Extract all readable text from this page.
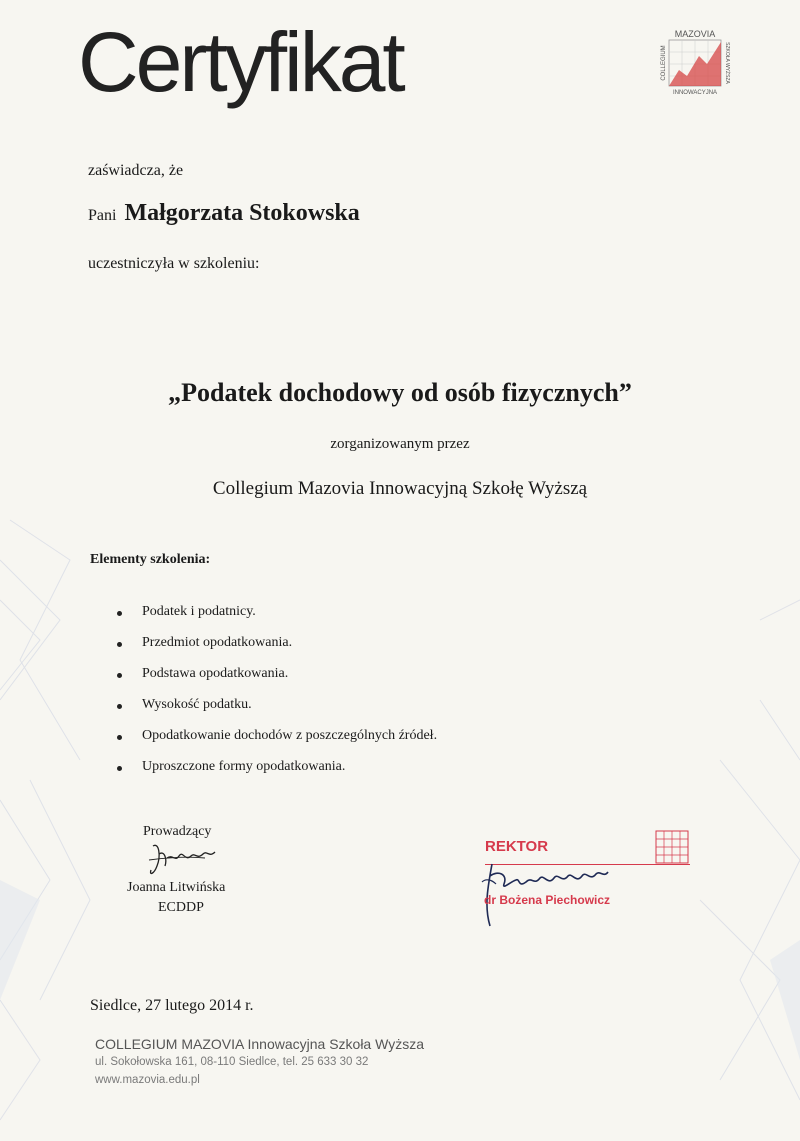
Certyfikat	MAZOVIA
INNOWACYJNA
COLLEGIUM	SZKOŁA WYŻSZA
zaświadcza, że
Pani Małgorzata Stokowska
uczestniczyła w szkoleniu:
„Podatek dochodowy od osób fizycznych”
zorganizowanym przez
Collegium Mazovia Innowacyjną Szkołę Wyższą
Elementy szkolenia:
Podatek i podatnicy.
Przedmiot opodatkowania.
Podstawa opodatkowania.
Wysokość podatku.
Opodatkowanie dochodów z poszczególnych źródeł.
Uproszczone formy opodatkowania.
Prowadzący
Joanna Litwińska
ECDDP
REKTOR
dr Bożena Piechowicz
Siedlce, 27 lutego 2014 r.
COLLEGIUM MAZOVIA Innowacyjna Szkoła Wyższa
ul. Sokołowska 161, 08-110 Siedlce, tel. 25 633 30 32
www.mazovia.edu.pl
